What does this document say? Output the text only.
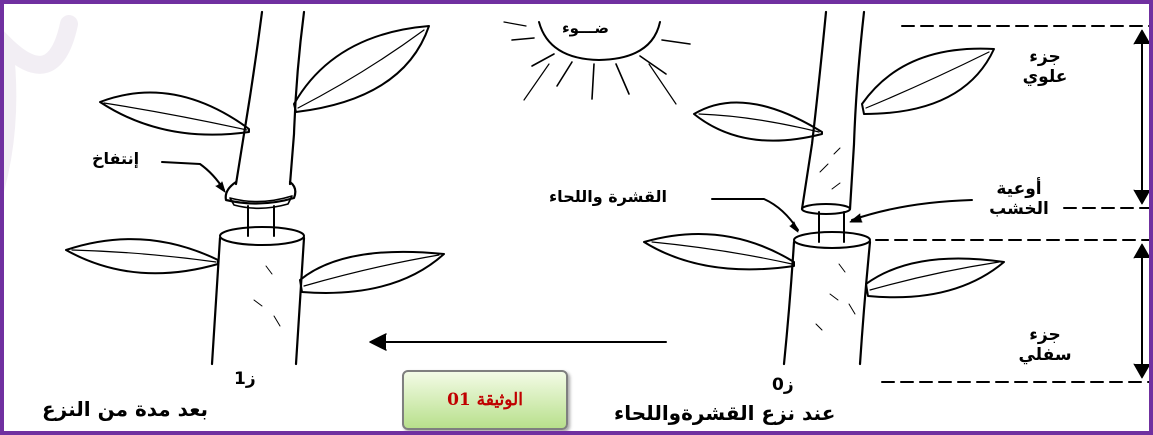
ضـــوء
جزء
علوي
جزء
سفلي
أوعية
الخشب
القشرة واللحاء
إنتفاخ
ز0
ز1
عند نزع القشرةواللحاء
بعد مدة من النزع	الوثيقة 01
